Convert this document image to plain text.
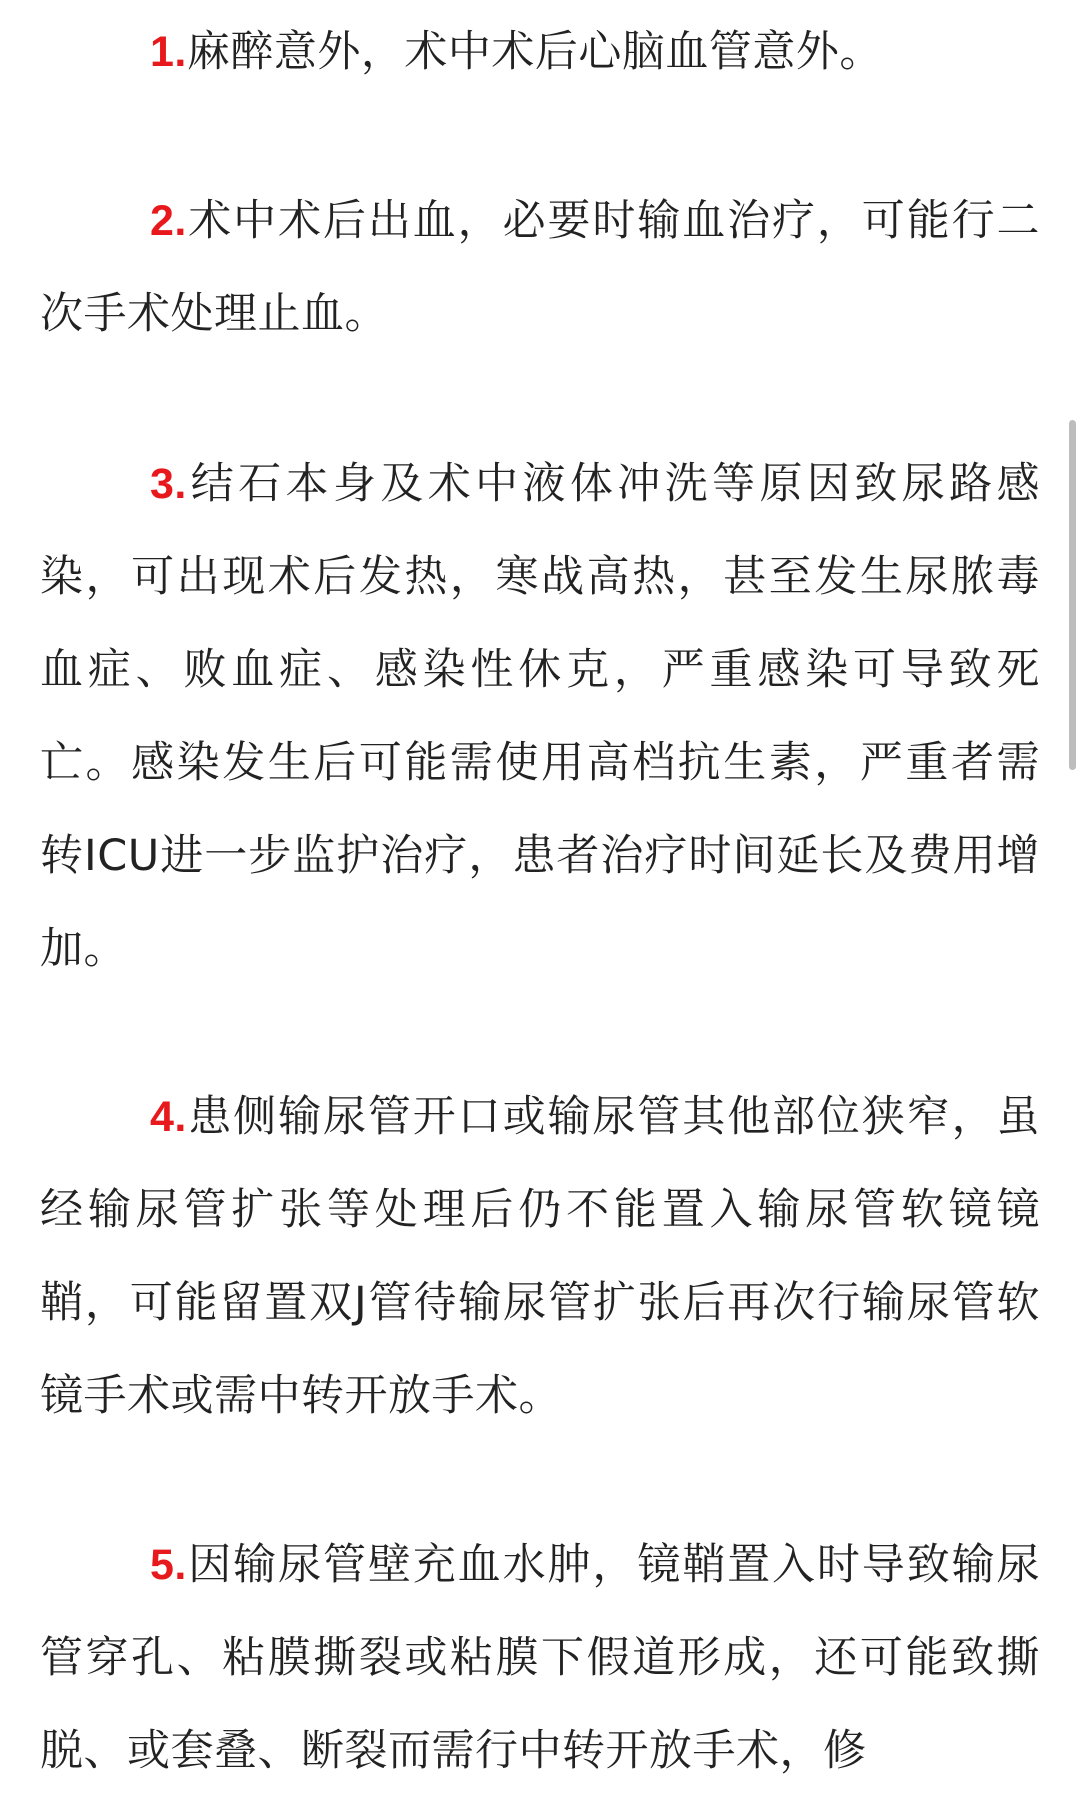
1.麻醉意外，术中术后心脑血管意外。

2.术中术后出血，必要时输血治疗，可能行二次手术处理止血。

3.结石本身及术中液体冲洗等原因致尿路感染，可出现术后发热，寒战高热，甚至发生尿脓毒血症、败血症、感染性休克，严重感染可导致死亡。感染发生后可能需使用高档抗生素，严重者需转ICU进一步监护治疗，患者治疗时间延长及费用增加。

4.患侧输尿管开口或输尿管其他部位狭窄，虽经输尿管扩张等处理后仍不能置入输尿管软镜镜鞘，可能留置双J管待输尿管扩张后再次行输尿管软镜手术或需中转开放手术。

5.因输尿管壁充血水肿，镜鞘置入时导致输尿管穿孔、粘膜撕裂或粘膜下假道形成，还可能致撕脱、或套叠、断裂而需行中转开放手术，修
